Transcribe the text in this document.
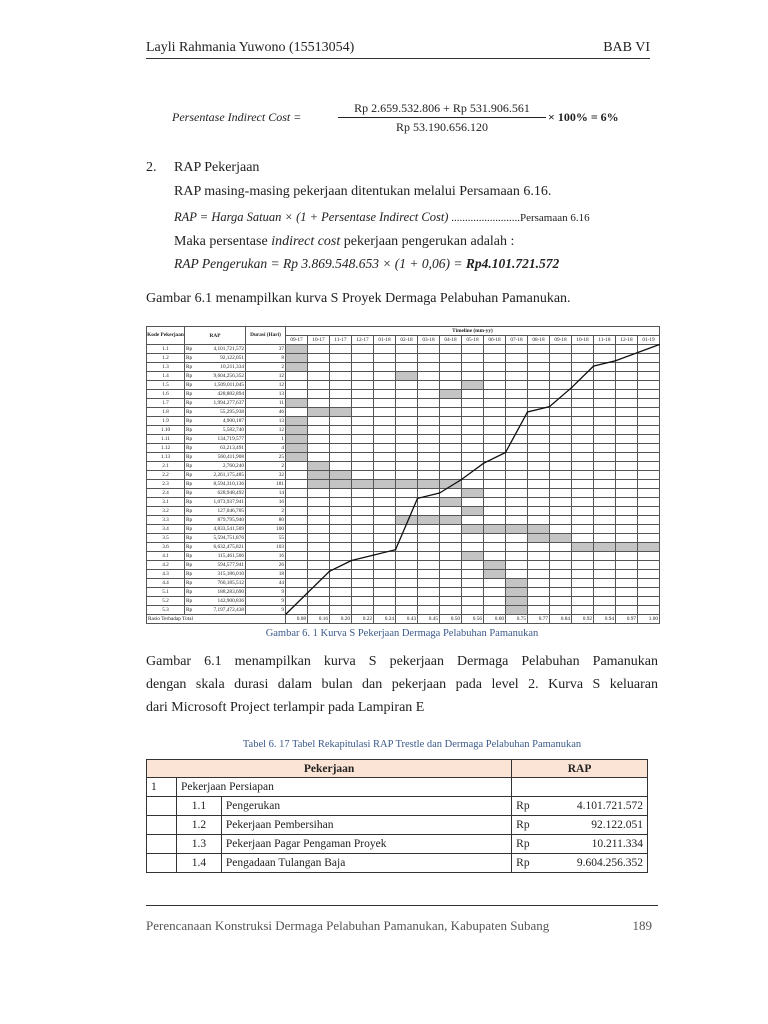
Layli Rahmania Yuwono (15513054)	BAB VI
Persentase Indirect Cost =
Rp 2.659.532.806 + Rp 531.906.561
Rp 53.190.656.120
× 100% = 6%
2. RAP Pekerjaan
RAP masing-masing pekerjaan ditentukan melalui Persamaan 6.16.
RAP = Harga Satuan × (1 + Persentase Indirect Cost) .........................Persamaan 6.16
Maka persentase indirect cost pekerjaan pengerukan adalah :
RAP Pengerukan = Rp 3.869.548.653 × (1 + 0,06) = Rp4.101.721.572
Gambar 6.1 menampilkan kurva S Proyek Dermaga Pelabuhan Pamanukan.
Kode Pekerjaan	RAP		Durasi (Hari)	Timeline (mm-yy)																
				09-17	10-17	11-17	12-17	01-18	02-18	03-18	04-18	05-18	06-18	07-18	08-18	09-18	10-18	11-18	12-18	01-19
1.1	Rp	4,101,721,572	37																	
1.2	Rp	92,122,051	8																	
1.3	Rp	10,211,334	2																	
1.4	Rp	9,604,256,352	12																	
1.5	Rp	1,509,011,045	12																	
1.6	Rp	428,882,894	13																	
1.7	Rp	1,994,277,637	11																	
1.8	Rp	55,295,938	46																	
1.9	Rp	4,900,187	13																	
1.10	Rp	5,582,740	12																	
1.11	Rp	134,719,577	1																	
1.12	Rp	63,213,491	4																	
1.13	Rp	560,411,908	25																	
2.1	Rp	2,760,240	2																	
2.2	Rp	2,261,175,485	32																	
2.3	Rp	8,594,310,136	181																	
2.4	Rp	628,948,492	14																	
3.1	Rp	1,073,937,941	16																	
3.2	Rp	127,046,705	2																	
3.3	Rp	879,795,940	80																	
3.4	Rp	4,833,541,509	100																	
3.5	Rp	5,594,751,876	55																	
3.6	Rp	6,632,475,821	103																	
4.1	Rp	115,461,506	16																	
4.2	Rp	594,577,941	26																	
4.3	Rp	315,186,010	18																	
4.4	Rp	760,185,512	44																	
5.1	Rp	188,283,690	9																	
5.2	Rp	142,900,836	9																	
5.3	Rp	7,197,472,438	9																	
Rasio Terhadap Total				0.08	0.16	0.20	0.22	0.24	0.43	0.45	0.50	0.56	0.60	0.75	0.77	0.84	0.92	0.94	0.97	1.00
Gambar 6. 1 Kurva S Pekerjaan Dermaga Pelabuhan Pamanukan
Gambar 6.1 menampilkan kurva S pekerjaan Dermaga Pelabuhan Pamanukan
dengan skala durasi dalam bulan dan pekerjaan pada level 2. Kurva S keluaran
dari Microsoft Project terlampir pada Lampiran E
Tabel 6. 17 Tabel Rekapitulasi RAP Trestle dan Dermaga Pelabuhan Pamanukan
Pekerjaan			RAP
1	Pekerjaan Persiapan		
	1.1	Pengerukan	Rp 4.101.721.572

	1.2	Pekerjaan Pembersihan	Rp 92.122.051

	1.3	Pekerjaan Pagar Pengaman Proyek	Rp 10.211.334

	1.4	Pengadaan Tulangan Baja	Rp 9.604.256.352
Perencanaan Konstruksi Dermaga Pelabuhan Pamanukan, Kabupaten Subang	189
